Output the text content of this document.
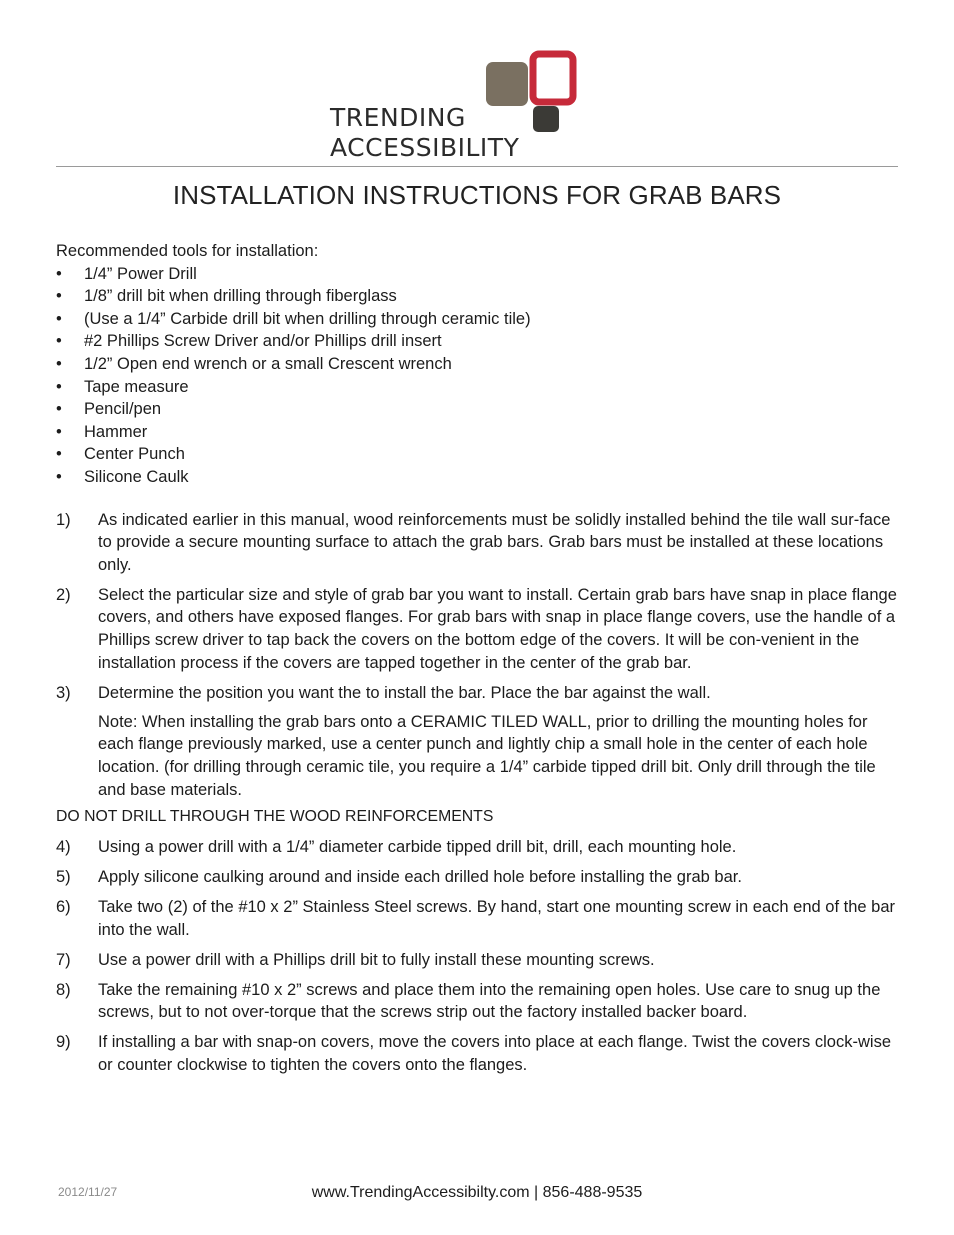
TRENDING
ACCESSIBILITY
INSTALLATION INSTRUCTIONS FOR GRAB BARS

Recommended tools for installation:

• 1/4” Power Drill
• 1/8” drill bit when drilling through fiberglass
• (Use a 1/4” Carbide drill bit when drilling through ceramic tile)
• #2 Phillips Screw Driver and/or Phillips drill insert
• 1/2” Open end wrench or a small Crescent wrench
• Tape measure
• Pencil/pen
• Hammer
• Center Punch
• Silicone Caulk
1) As indicated earlier in this manual, wood reinforcements must be solidly installed behind the tile wall sur-face to provide a secure mounting surface to attach the grab bars. Grab bars must be installed at these locations only.
2) Select the particular size and style of grab bar you want to install. Certain grab bars have snap in place flange covers, and others have exposed flanges. For grab bars with snap in place flange covers, use the handle of a Phillips screw driver to tap back the covers on the bottom edge of the covers. It will be con-venient in the installation process if the covers are tapped together in the center of the grab bar.
3) Determine the position you want the to install the bar. Place the bar against the wall.

Note: When installing the grab bars onto a CERAMIC TILED WALL, prior to drilling the mounting holes for each flange previously marked, use a center punch and lightly chip a small hole in the center of each hole location. (for drilling through ceramic tile, you require a 1/4” carbide tipped drill bit. Only drill through the tile and base materials.

DO NOT DRILL THROUGH THE WOOD REINFORCEMENTS

4) Using a power drill with a 1/4” diameter carbide tipped drill bit, drill, each mounting hole.
5) Apply silicone caulking around and inside each drilled hole before installing the grab bar.
6) Take two (2) of the #10 x 2” Stainless Steel screws. By hand, start one mounting screw in each end of the bar into the wall.
7) Use a power drill with a Phillips drill bit to fully install these mounting screws.
8) Take the remaining #10 x 2” screws and place them into the remaining open holes. Use care to snug up the screws, but to not over-torque that the screws strip out the factory installed backer board.
9) If installing a bar with snap-on covers, move the covers into place at each flange. Twist the covers clock-wise or counter clockwise to tighten the covers onto the flanges.
2012/11/27	www.TrendingAccessibilty.com | 856-488-9535
